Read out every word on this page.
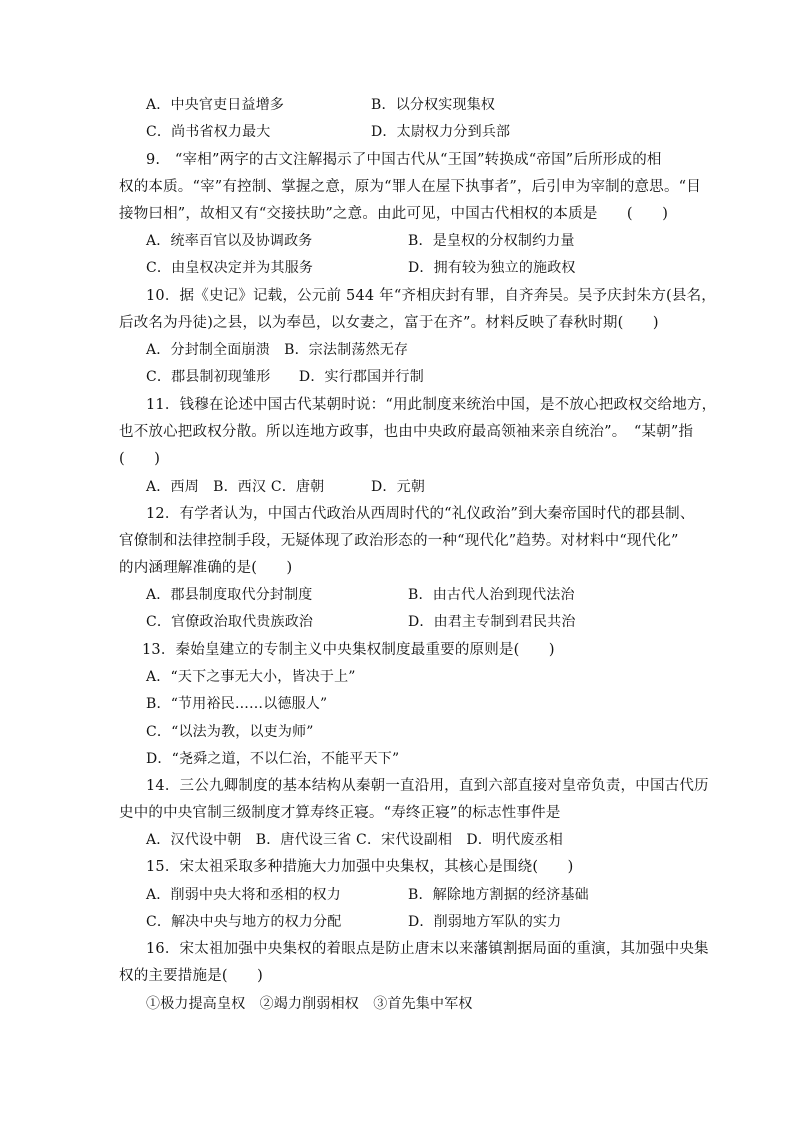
A．中央官吏日益增多	B．以分权实现集权
C．尚书省权力最大	D．太尉权力分到兵部
9.　“宰相”两字的古文注解揭示了中国古代从“王国”转换成“帝国”后所形成的相
权的本质。“宰”有控制、掌握之意，原为“罪人在屋下执事者”，后引申为宰制的意思。“目
接物曰相”，故相又有“交接扶助”之意。由此可见，中国古代相权的本质是　　(　　)
A．统率百官以及协调政务	B．是皇权的分权制约力量
C．由皇权决定并为其服务	D．拥有较为独立的施政权
10．据《史记》记载，公元前 544 年“齐相庆封有罪，自齐奔吴。吴予庆封朱方(县名，
后改名为丹徒)之县，以为奉邑，以女妻之，富于在齐”。材料反映了春秋时期(　　)
A．分封制全面崩溃　B．宗法制荡然无存
C．郡县制初现雏形　　D．实行郡国并行制
11．钱穆在论述中国古代某朝时说：“用此制度来统治中国，是不放心把政权交给地方，
也不放心把政权分散。所以连地方政事，也由中央政府最高领袖来亲自统治”。　“某朝”指
(　　)
A．西周　B．西汉 C．唐朝	D．元朝
12．有学者认为，中国古代政治从西周时代的“礼仪政治”到大秦帝国时代的郡县制、
官僚制和法律控制手段，无疑体现了政治形态的一种“现代化”趋势。对材料中“现代化”
的内涵理解准确的是(　　)
A．郡县制度取代分封制度	B．由古代人治到现代法治
C．官僚政治取代贵族政治	D．由君主专制到君民共治
13．秦始皇建立的专制主义中央集权制度最重要的原则是(　　)
A．“天下之事无大小，皆决于上”
B．“节用裕民……以德服人”
C．“以法为教，以吏为师”
D．“尧舜之道，不以仁治，不能平天下”
14．三公九卿制度的基本结构从秦朝一直沿用，直到六部直接对皇帝负责，中国古代历
史中的中央官制三级制度才算寿终正寝。“寿终正寝”的标志性事件是
A．汉代设中朝　B．唐代设三省 C．宋代设副相　D．明代废丞相
15．宋太祖采取多种措施大力加强中央集权，其核心是围绕(　　)
A．削弱中央大将和丞相的权力	B．解除地方割据的经济基础
C．解决中央与地方的权力分配	D．削弱地方军队的实力
16．宋太祖加强中央集权的着眼点是防止唐末以来藩镇割据局面的重演，其加强中央集
权的主要措施是(　　)
①极力提高皇权　②竭力削弱相权　③首先集中军权
